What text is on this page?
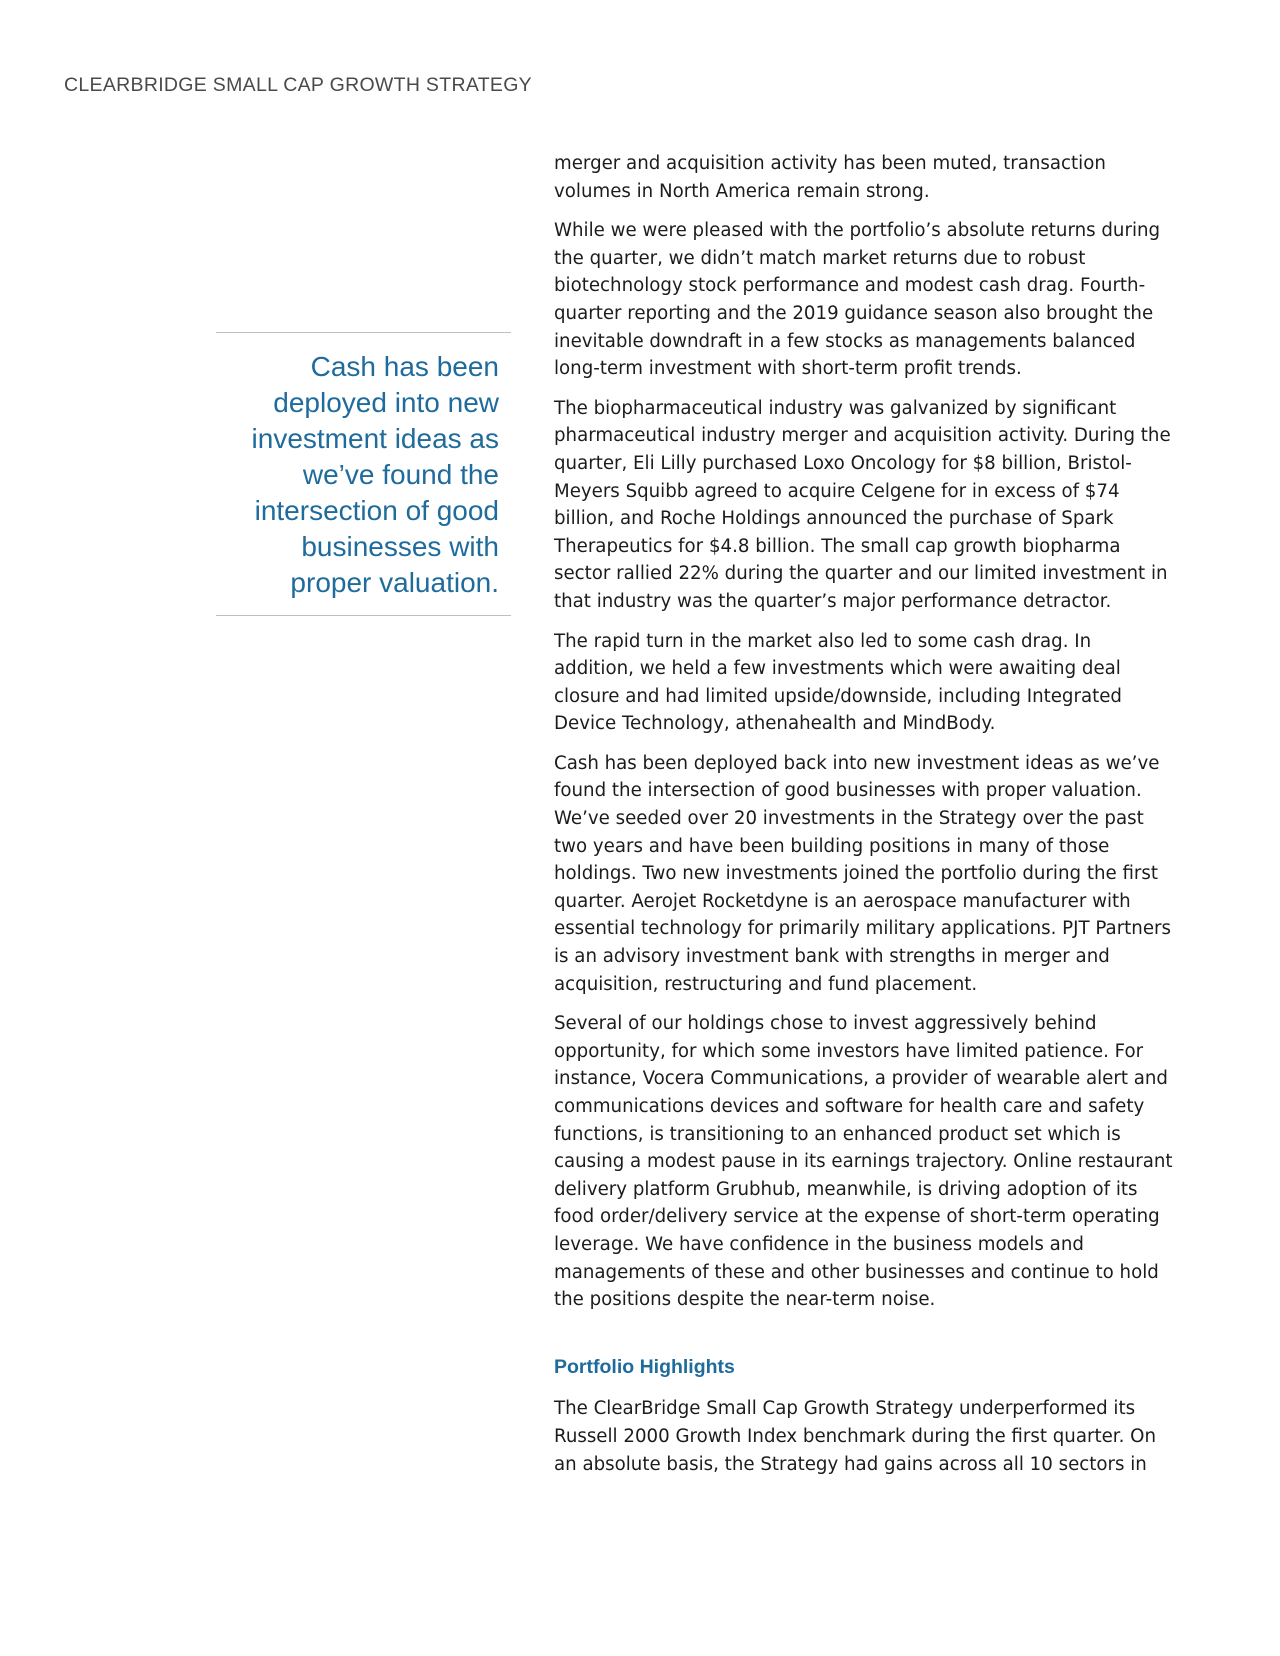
CLEARBRIDGE SMALL CAP GROWTH STRATEGY
Cash has been deployed into new investment ideas as we’ve found the intersection of good businesses with proper valuation.

merger and acquisition activity has been muted, transaction volumes in North America remain strong.

While we were pleased with the portfolio’s absolute returns during the quarter, we didn’t match market returns due to robust biotechnology stock performance and modest cash drag. Fourth-quarter reporting and the 2019 guidance season also brought the inevitable downdraft in a few stocks as managements balanced long-term investment with short-term profit trends.

The biopharmaceutical industry was galvanized by significant pharmaceutical industry merger and acquisition activity. During the quarter, Eli Lilly purchased Loxo Oncology for $8 billion, Bristol-Meyers Squibb agreed to acquire Celgene for in excess of $74 billion, and Roche Holdings announced the purchase of Spark Therapeutics for $4.8 billion. The small cap growth biopharma sector rallied 22% during the quarter and our limited investment in that industry was the quarter’s major performance detractor.

The rapid turn in the market also led to some cash drag. In addition, we held a few investments which were awaiting deal closure and had limited upside/downside, including Integrated Device Technology, athenahealth and MindBody.

Cash has been deployed back into new investment ideas as we’ve found the intersection of good businesses with proper valuation. We’ve seeded over 20 investments in the Strategy over the past two years and have been building positions in many of those holdings. Two new investments joined the portfolio during the first quarter. Aerojet Rocketdyne is an aerospace manufacturer with essential technology for primarily military applications. PJT Partners is an advisory investment bank with strengths in merger and acquisition, restructuring and fund placement.

Several of our holdings chose to invest aggressively behind opportunity, for which some investors have limited patience. For instance, Vocera Communications, a provider of wearable alert and communications devices and software for health care and safety functions, is transitioning to an enhanced product set which is causing a modest pause in its earnings trajectory. Online restaurant delivery platform Grubhub, meanwhile, is driving adoption of its food order/delivery service at the expense of short-term operating leverage. We have confidence in the business models and managements of these and other businesses and continue to hold the positions despite the near-term noise.

Portfolio Highlights

The ClearBridge Small Cap Growth Strategy underperformed its Russell 2000 Growth Index benchmark during the first quarter. On an absolute basis, the Strategy had gains across all 10 sectors in
